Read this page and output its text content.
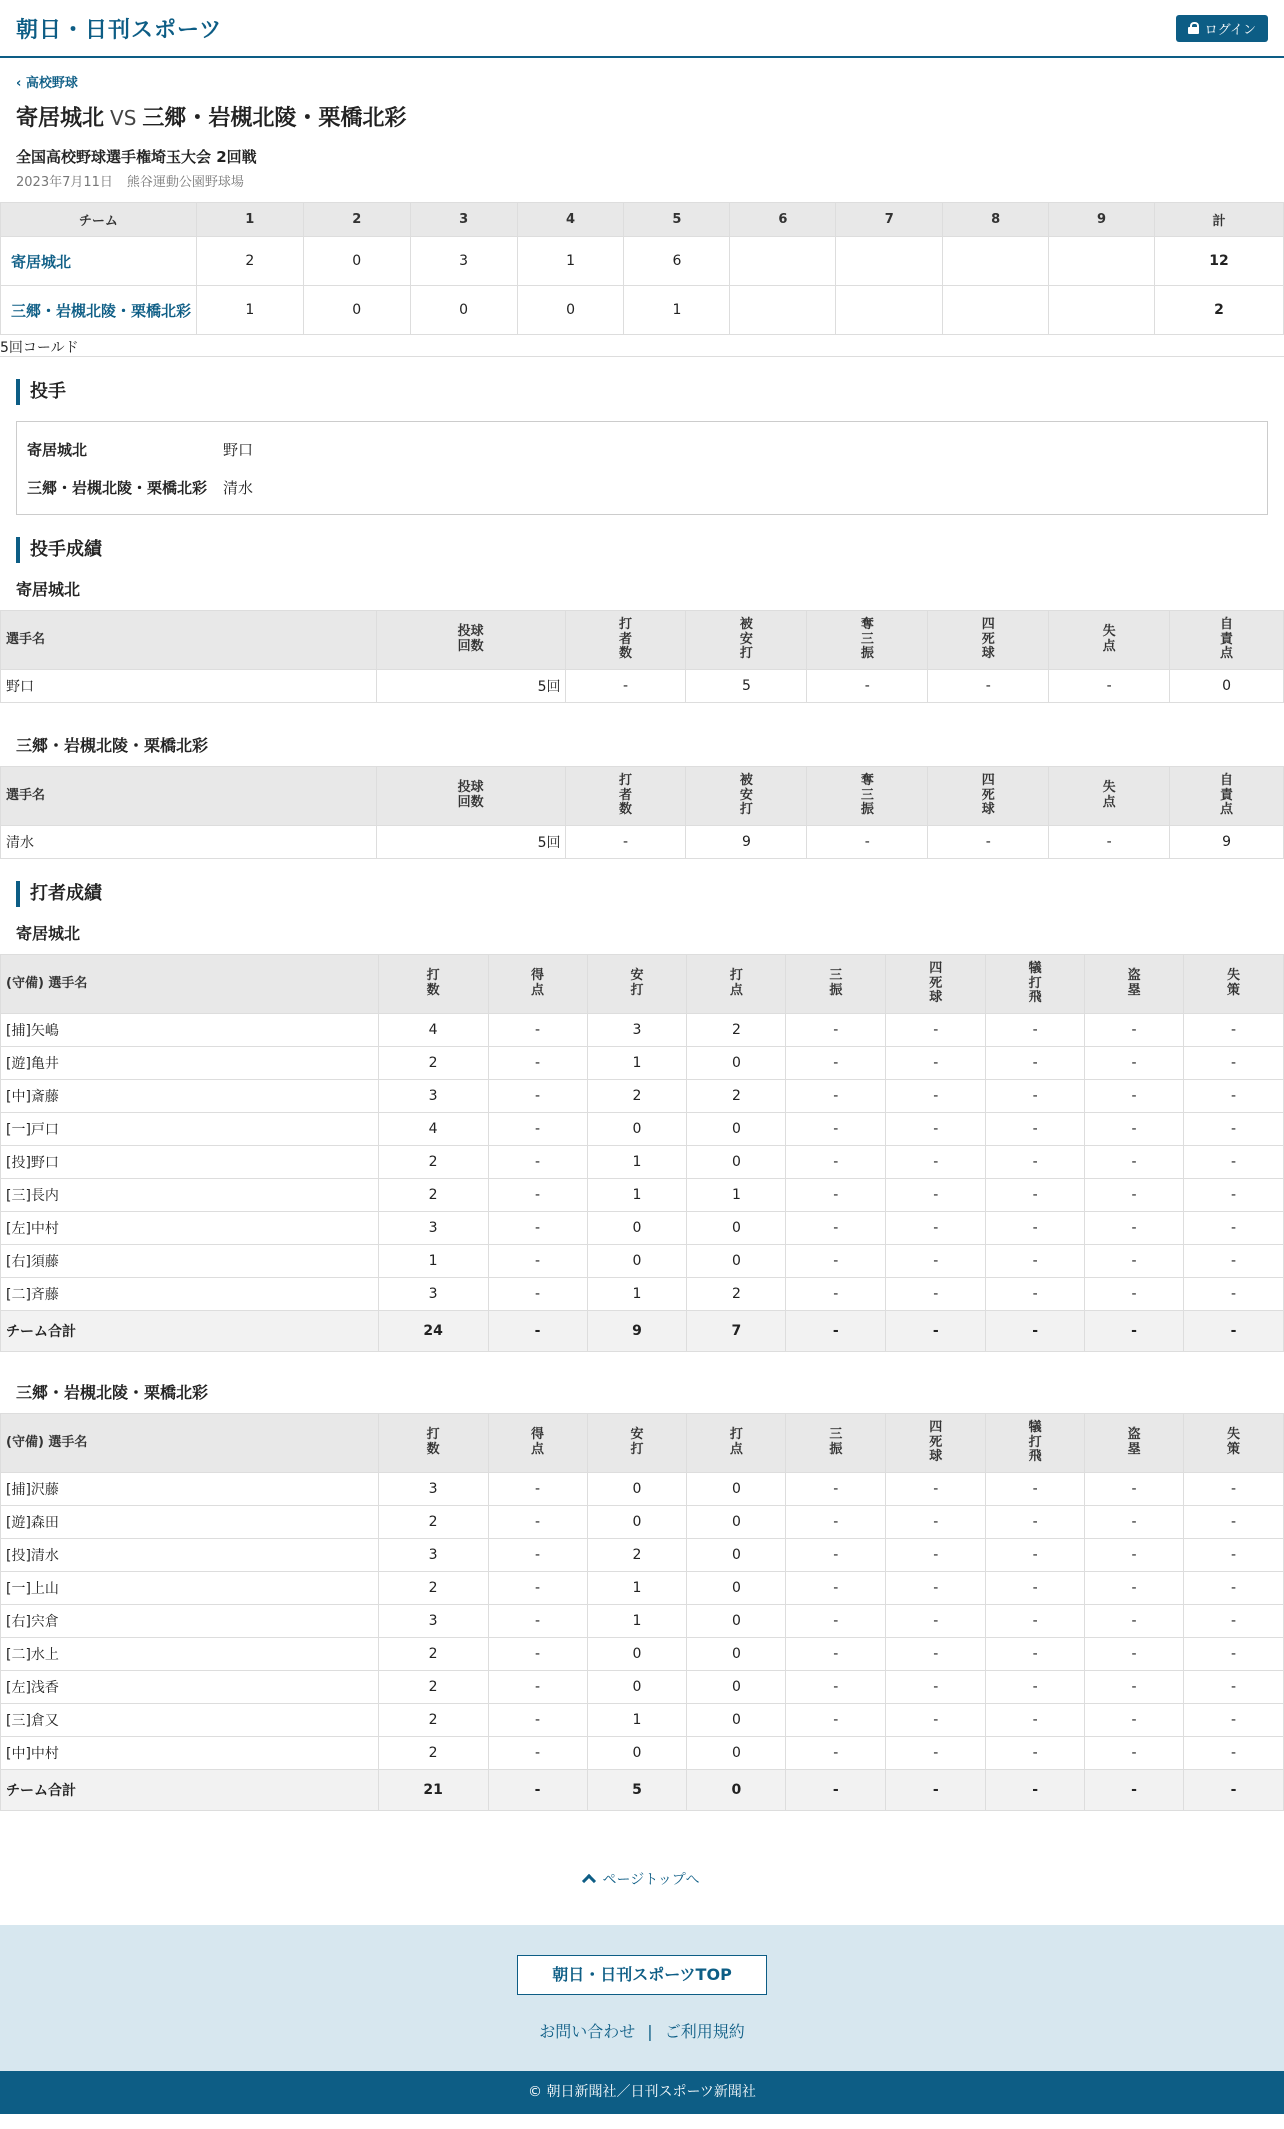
朝日・日刊スポーツ	ログイン
‹ 高校野球
寄居城北 VS 三郷・岩槻北陵・栗橋北彩
全国高校野球選手権埼玉大会 2回戦
2023年7月11日 熊谷運動公園野球場
チーム	1	2	3	4	5	6	7	8	9	計
寄居城北	2	0	3	1	6					12
三郷・岩槻北陵・栗橋北彩	1	0	0	0	1					2
5回コールド
投手
寄居城北	野口
三郷・岩槻北陵・栗橋北彩	清水
投手成績
寄居城北
選手名	投球回数	打者数	被安打	奪三振	四死球	失点	自責点
野口	5回	-	5	-	-	-	0
三郷・岩槻北陵・栗橋北彩
選手名	投球回数	打者数	被安打	奪三振	四死球	失点	自責点
清水	5回	-	9	-	-	-	9
打者成績
寄居城北
(守備) 選手名	打数	得点	安打	打点	三振	四死球	犠打飛	盗塁	失策
[捕]矢嶋	4	-	3	2	-	-	-	-	-
[遊]亀井	2	-	1	0	-	-	-	-	-
[中]斎藤	3	-	2	2	-	-	-	-	-
[一]戸口	4	-	0	0	-	-	-	-	-
[投]野口	2	-	1	0	-	-	-	-	-
[三]長内	2	-	1	1	-	-	-	-	-
[左]中村	3	-	0	0	-	-	-	-	-
[右]須藤	1	-	0	0	-	-	-	-	-
[二]斉藤	3	-	1	2	-	-	-	-	-
チーム合計	24	-	9	7	-	-	-	-	-
三郷・岩槻北陵・栗橋北彩
(守備) 選手名	打数	得点	安打	打点	三振	四死球	犠打飛	盗塁	失策
[捕]沢藤	3	-	0	0	-	-	-	-	-
[遊]森田	2	-	0	0	-	-	-	-	-
[投]清水	3	-	2	0	-	-	-	-	-
[一]上山	2	-	1	0	-	-	-	-	-
[右]宍倉	3	-	1	0	-	-	-	-	-
[二]水上	2	-	0	0	-	-	-	-	-
[左]浅香	2	-	0	0	-	-	-	-	-
[三]倉又	2	-	1	0	-	-	-	-	-
[中]中村	2	-	0	0	-	-	-	-	-
チーム合計	21	-	5	0	-	-	-	-	-
ページトップへ
朝日・日刊スポーツTOP
お問い合わせ | ご利用規約
© 朝日新聞社／日刊スポーツ新聞社
